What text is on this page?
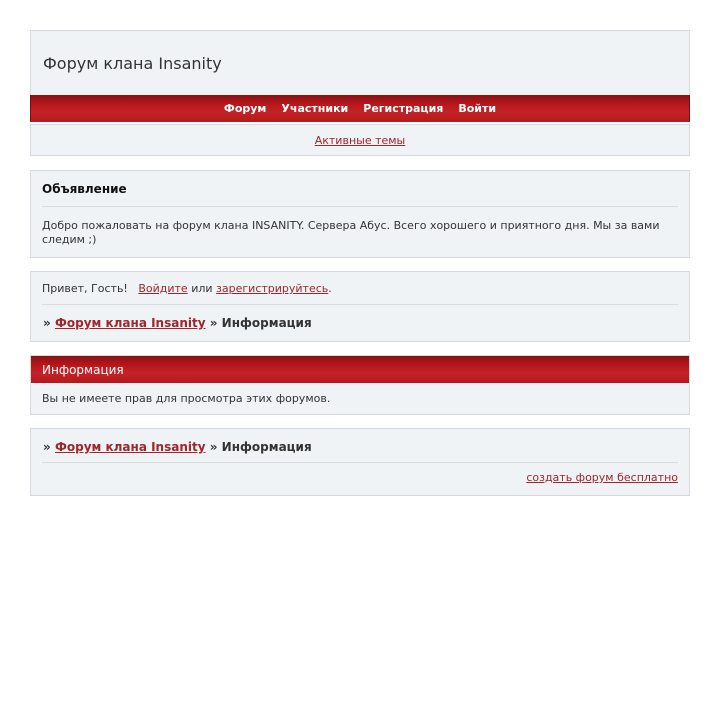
Форум клана Insanity
Форум Участники Регистрация Войти
Активные темы
Объявление
Добро пожаловать на форум клана INSANITY. Сервера Абус. Всего хорошего и приятного дня. Мы за вами следим ;)
Привет, Гость! Войдите или зарегистрируйтесь.
» Форум клана Insanity » Информация
Информация
Вы не имеете прав для просмотра этих форумов.
» Форум клана Insanity » Информация
создать форум бесплатно
